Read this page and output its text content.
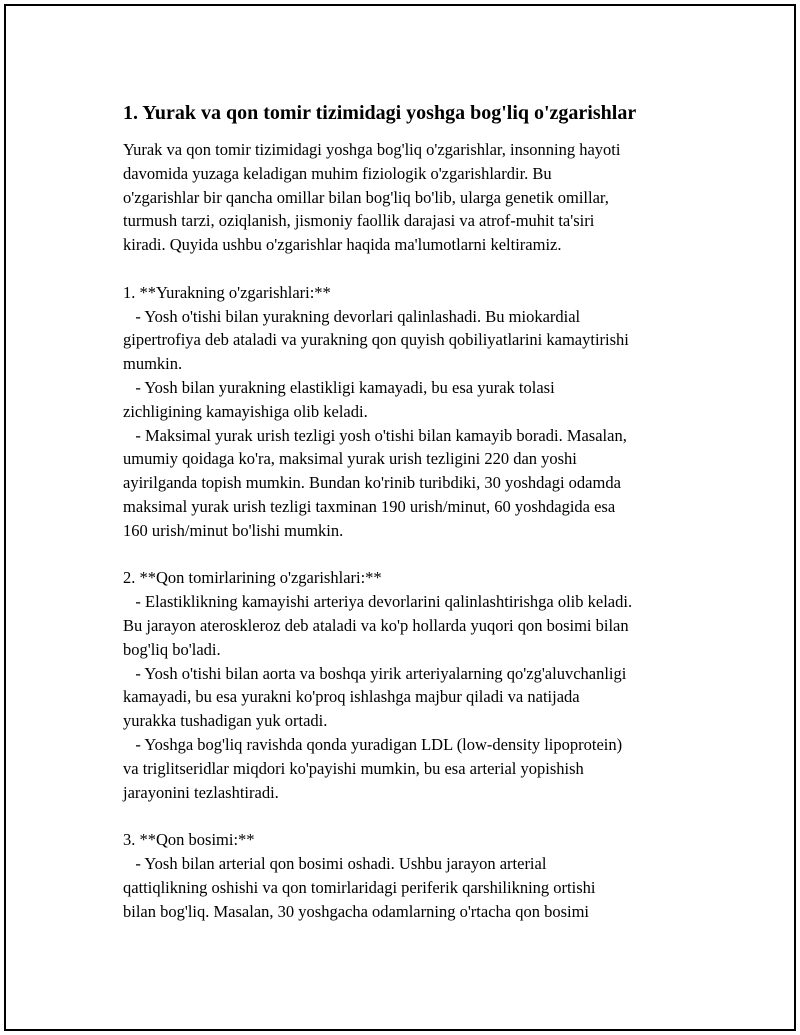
1. Yurak va qon tomir tizimidagi yoshga bog'liq o'zgarishlar
Yurak va qon tomir tizimidagi yoshga bog'liq o'zgarishlar, insonning hayoti
davomida yuzaga keladigan muhim fiziologik o'zgarishlardir. Bu
o'zgarishlar bir qancha omillar bilan bog'liq bo'lib, ularga genetik omillar,
turmush tarzi, oziqlanish, jismoniy faollik darajasi va atrof-muhit ta'siri
kiradi. Quyida ushbu o'zgarishlar haqida ma'lumotlarni keltiramiz.
1. **Yurakning o'zgarishlari:**
- Yosh o'tishi bilan yurakning devorlari qalinlashadi. Bu miokardial
gipertrofiya deb ataladi va yurakning qon quyish qobiliyatlarini kamaytirishi
mumkin.
- Yosh bilan yurakning elastikligi kamayadi, bu esa yurak tolasi
zichligining kamayishiga olib keladi.
- Maksimal yurak urish tezligi yosh o'tishi bilan kamayib boradi. Masalan,
umumiy qoidaga ko'ra, maksimal yurak urish tezligini 220 dan yoshi
ayirilganda topish mumkin. Bundan ko'rinib turibdiki, 30 yoshdagi odamda
maksimal yurak urish tezligi taxminan 190 urish/minut, 60 yoshdagida esa
160 urish/minut bo'lishi mumkin.
2. **Qon tomirlarining o'zgarishlari:**
- Elastiklikning kamayishi arteriya devorlarini qalinlashtirishga olib keladi.
Bu jarayon ateroskleroz deb ataladi va ko'p hollarda yuqori qon bosimi bilan
bog'liq bo'ladi.
- Yosh o'tishi bilan aorta va boshqa yirik arteriyalarning qo'zg'aluvchanligi
kamayadi, bu esa yurakni ko'proq ishlashga majbur qiladi va natijada
yurakka tushadigan yuk ortadi.
- Yoshga bog'liq ravishda qonda yuradigan LDL (low-density lipoprotein)
va triglitseridlar miqdori ko'payishi mumkin, bu esa arterial yopishish
jarayonini tezlashtiradi.
3. **Qon bosimi:**
- Yosh bilan arterial qon bosimi oshadi. Ushbu jarayon arterial
qattiqlikning oshishi va qon tomirlaridagi periferik qarshilikning ortishi
bilan bog'liq. Masalan, 30 yoshgacha odamlarning o'rtacha qon bosimi
